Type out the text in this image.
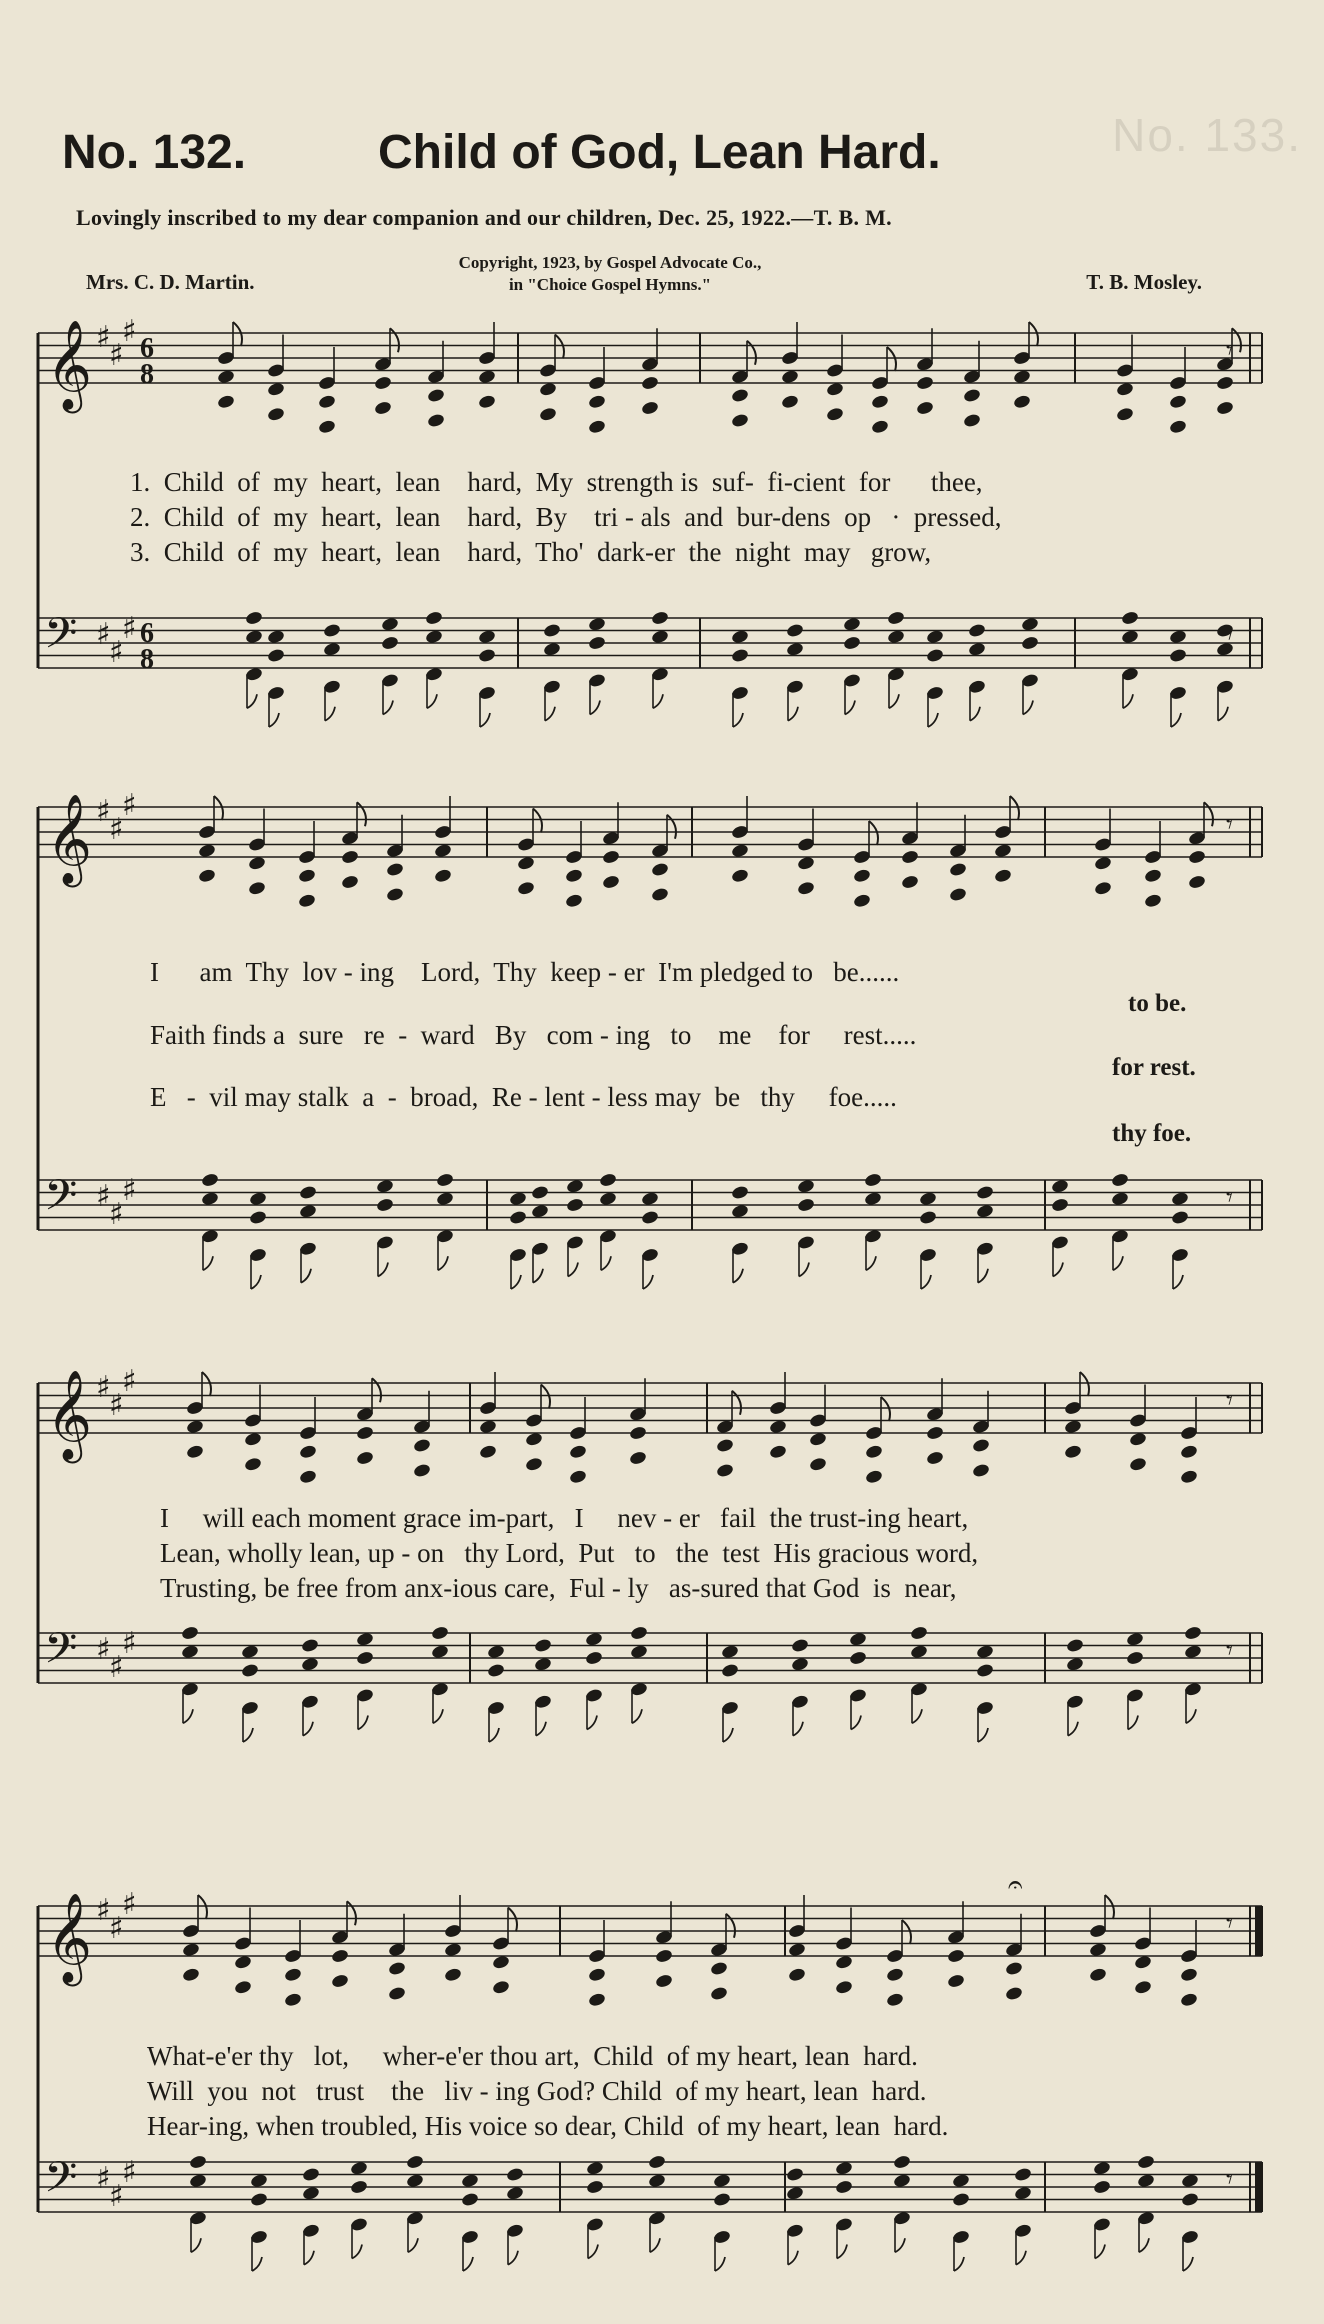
No. 133.
No. 132.	Child of God, Lean Hard.
Lovingly inscribed to my dear companion and our children, Dec. 25, 1922.—T. B. M.
Copyright, 1923, by Gospel Advocate Co.,
in "Choice Gospel Hymns."
Mrs. C. D. Martin.	T. B. Mosley.
𝄞 ♯
♯
♯ 6
8
𝄢 ♯
♯
♯ 6
8
𝄾
𝄾
𝄞 ♯
♯
♯
𝄢 ♯
♯
♯
𝄾
𝄾
𝄞 ♯
♯
♯
𝄢 ♯
♯
♯
𝄾
𝄾
𝄞 ♯
♯
♯
𝄢 ♯
♯
♯
𝄾
𝄾
𝄐
1.  Child  of  my  heart,  lean    hard,  My  strength is  suf-  fi-cient  for      thee,
2.  Child  of  my  heart,  lean    hard,  By    tri - als  and  bur-dens  op   ·  pressed,
3.  Child  of  my  heart,  lean    hard,  Tho'  dark-er  the  night  may   grow,
I      am  Thy  lov - ing    Lord,  Thy  keep - er  I'm pledged to   be......
to be.
Faith finds a  sure   re  -  ward   By   com - ing   to    me    for     rest.....
for rest.
E   -  vil may stalk  a  -  broad,  Re - lent - less may  be   thy     foe.....
thy foe.
I     will each moment grace im-part,   I     nev - er   fail  the trust-ing heart,
Lean, wholly lean, up - on   thy Lord,  Put   to   the  test  His gracious word,
Trusting, be free from anx-ious care,  Ful - ly   as-sured that God  is  near,
What-e'er thy   lot,     wher-e'er thou art,  Child  of my heart, lean  hard.
Will  you  not   trust    the   liv - ing God? Child  of my heart, lean  hard.
Hear-ing, when troubled, His voice so dear, Child  of my heart, lean  hard.
